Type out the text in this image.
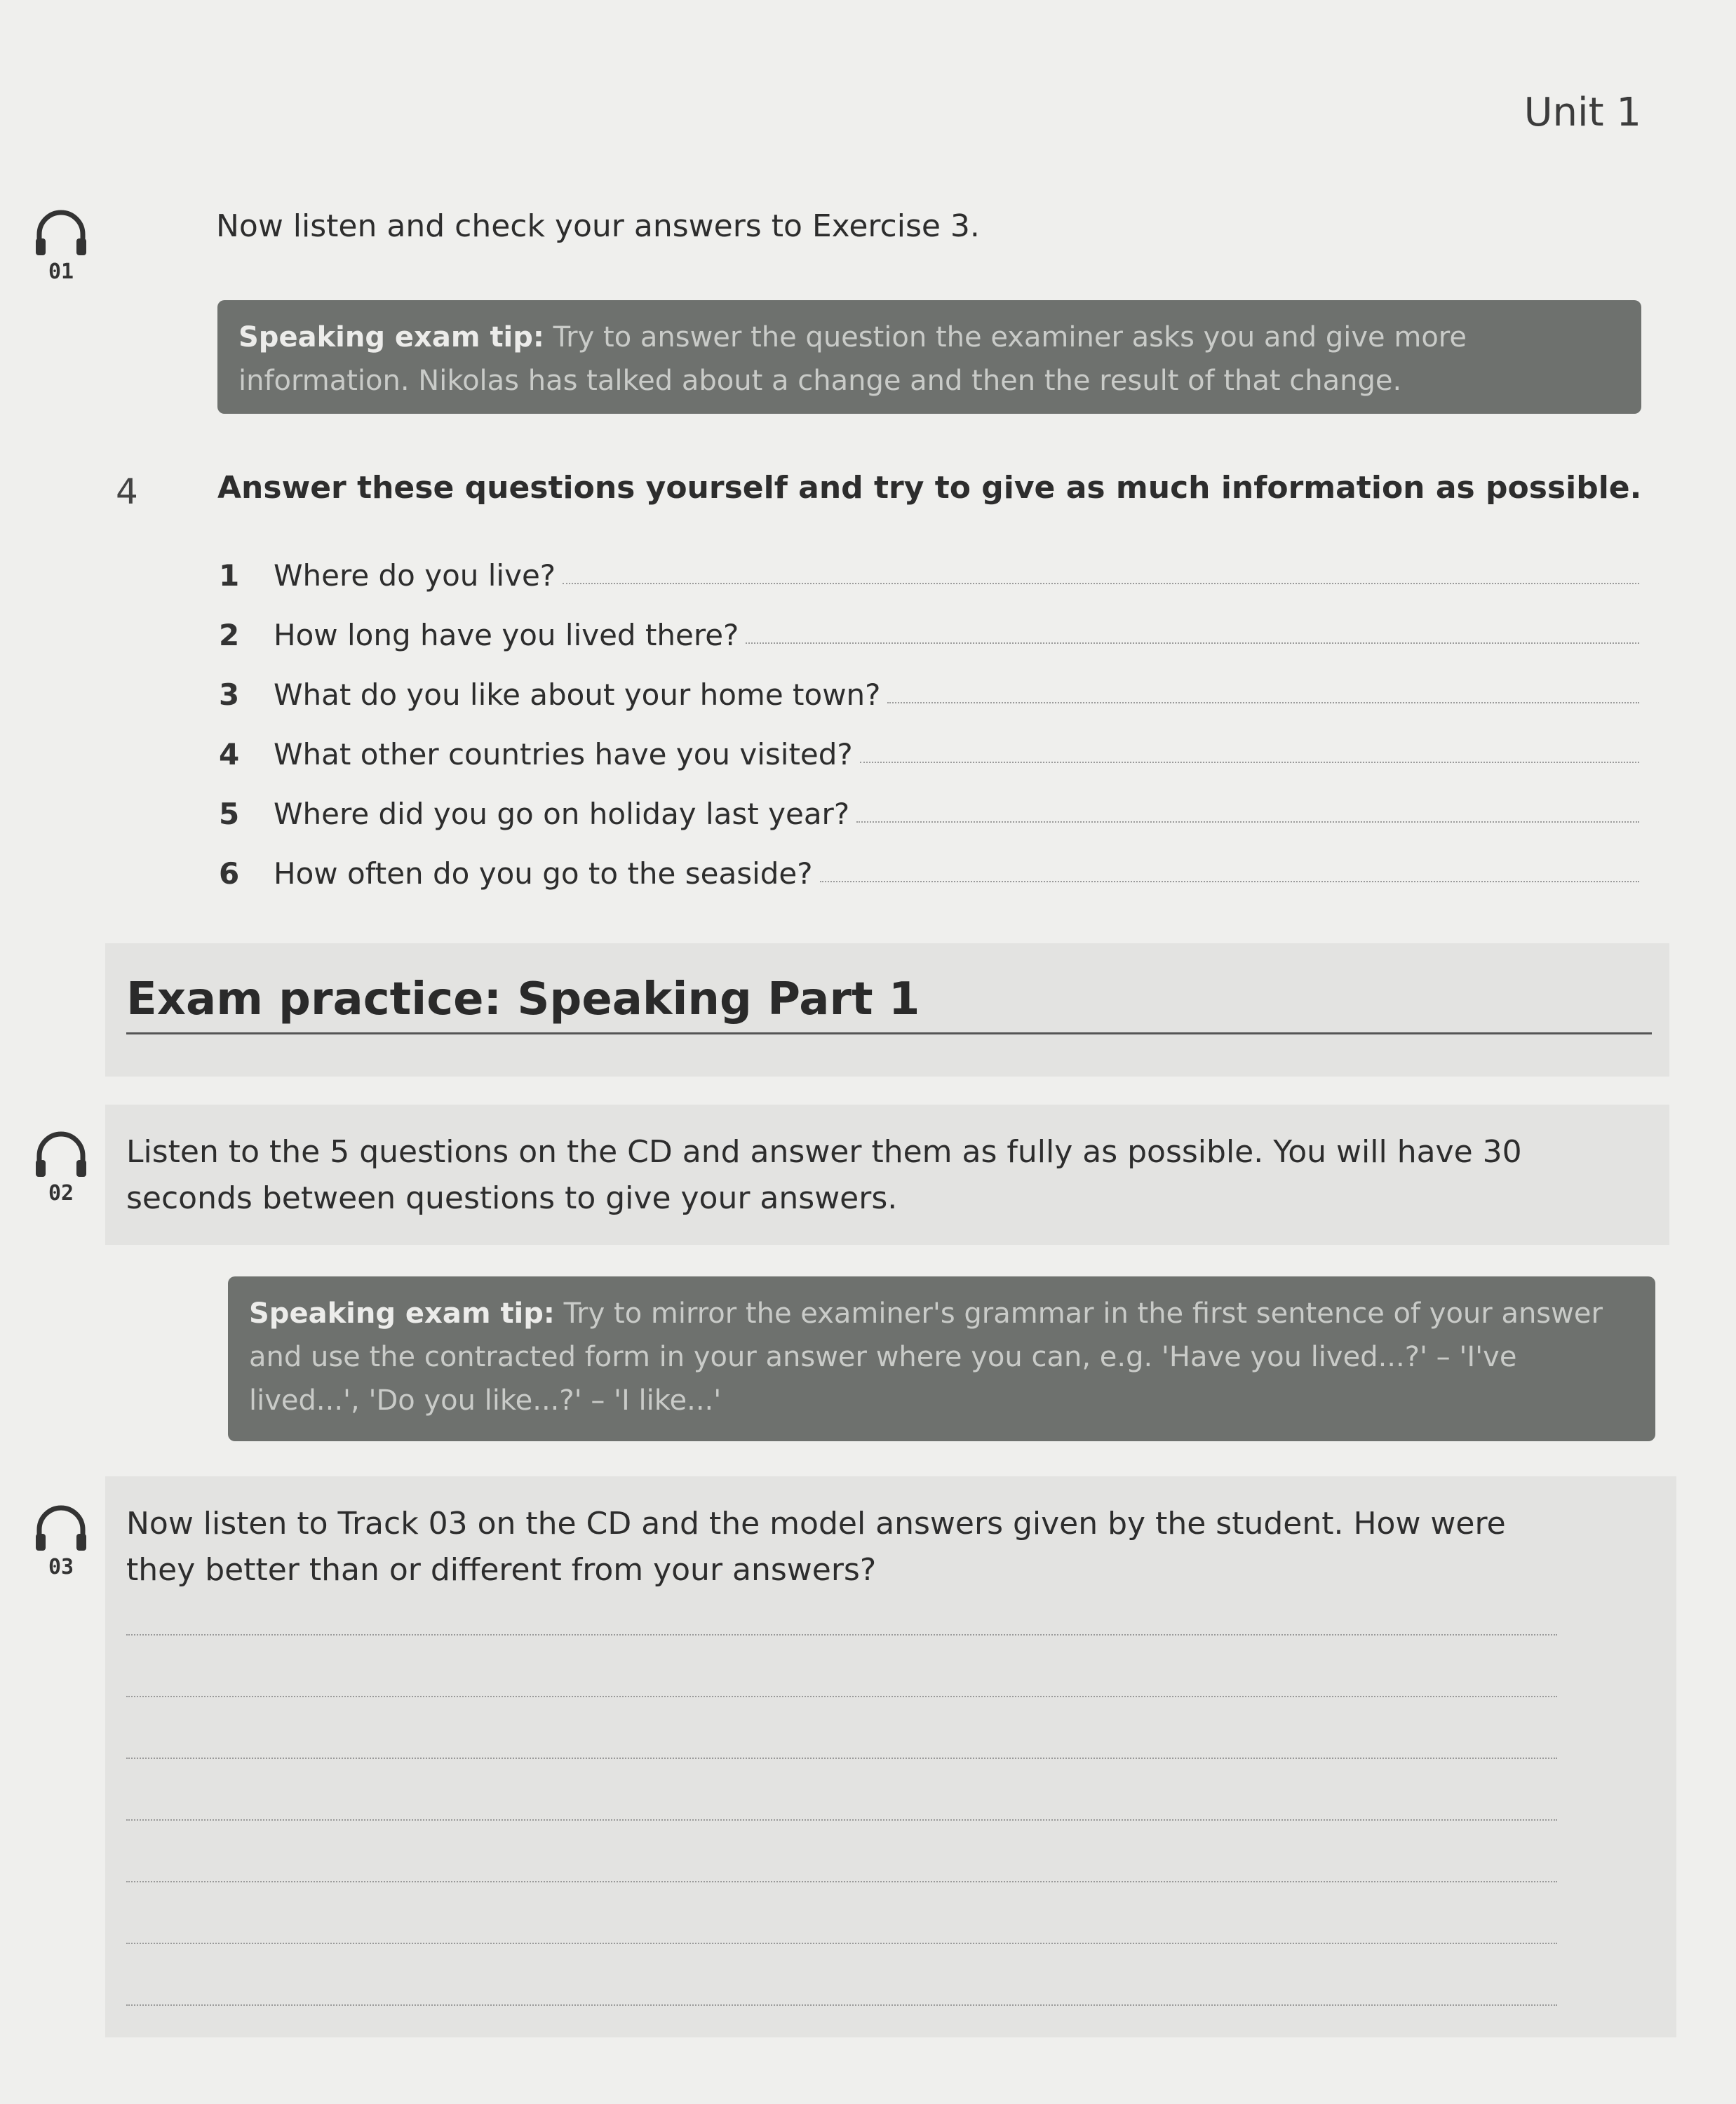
Unit 1
01
Now listen and check your answers to Exercise 3.
Speaking exam tip: Try to answer the question the examiner asks you and give more information. Nikolas has talked about a change and then the result of that change.
4	Answer these questions yourself and try to give as much information as possible.
1	Where do you live?
2	How long have you lived there?
3	What do you like about your home town?
4	What other countries have you visited?
5	Where did you go on holiday last year?
6	How often do you go to the seaside?
Exam practice: Speaking Part 1
02
Listen to the 5 questions on the CD and answer them as fully as possible. You will have 30 seconds between questions to give your answers.
Speaking exam tip: Try to mirror the examiner's grammar in the first sentence of your answer and use the contracted form in your answer where you can, e.g. 'Have you lived...?' – 'I've lived...', 'Do you like...?' – 'I like...'
03
Now listen to Track 03 on the CD and the model answers given by the student. How were they better than or different from your answers?
